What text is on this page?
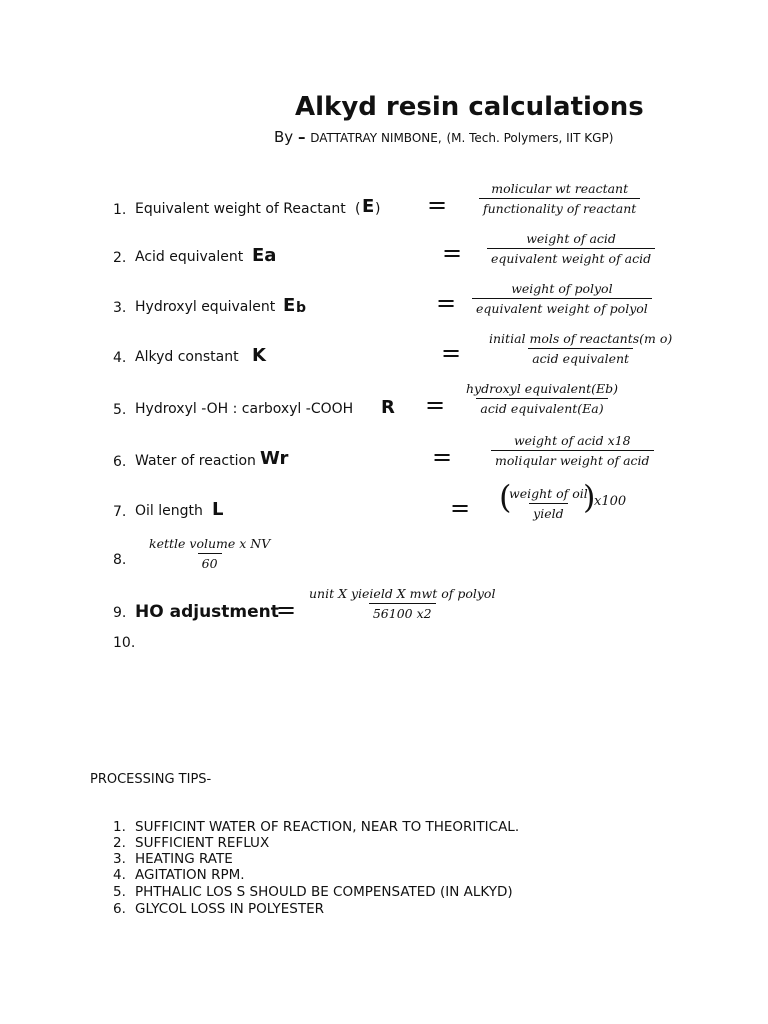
Alkyd resin calculations
By – DATTATRAY NIMBONE, (M. Tech. Polymers, IIT KGP)
1. Equivalent weight of Reactant ( E ) =
molicular wt reactant
functionality of reactant
2. Acid equivalent Ea	=
weight of acid
equivalent weight of acid
3. Hydroxyl equivalent E b	=
weight of polyol
equivalent weight of polyol
4. Alkyd constant K	=
initial mols of reactants(m o)
acid equivalent
5. Hydroxyl -OH : carboxyl -COOH R =
hydroxyl equivalent(Eb)
acid equivalent(Ea)
6. Water of reaction Wr	=
weight of acid x18
moliqular weight of acid
7. Oil length L	= (
weight of oil
yield )
x100
8.
kettle volume x NV
60
9. HO adjustment
=
unit X yieield X mwt of polyol
56100 x2
10.
PROCESSING TIPS-
1. SUFFICINT WATER OF REACTION, NEAR TO THEORITICAL.
2. SUFFICIENT REFLUX
3. HEATING RATE
4. AGITATION RPM.
5. PHTHALIC LOS S SHOULD BE COMPENSATED (IN ALKYD)
6. GLYCOL LOSS IN POLYESTER
